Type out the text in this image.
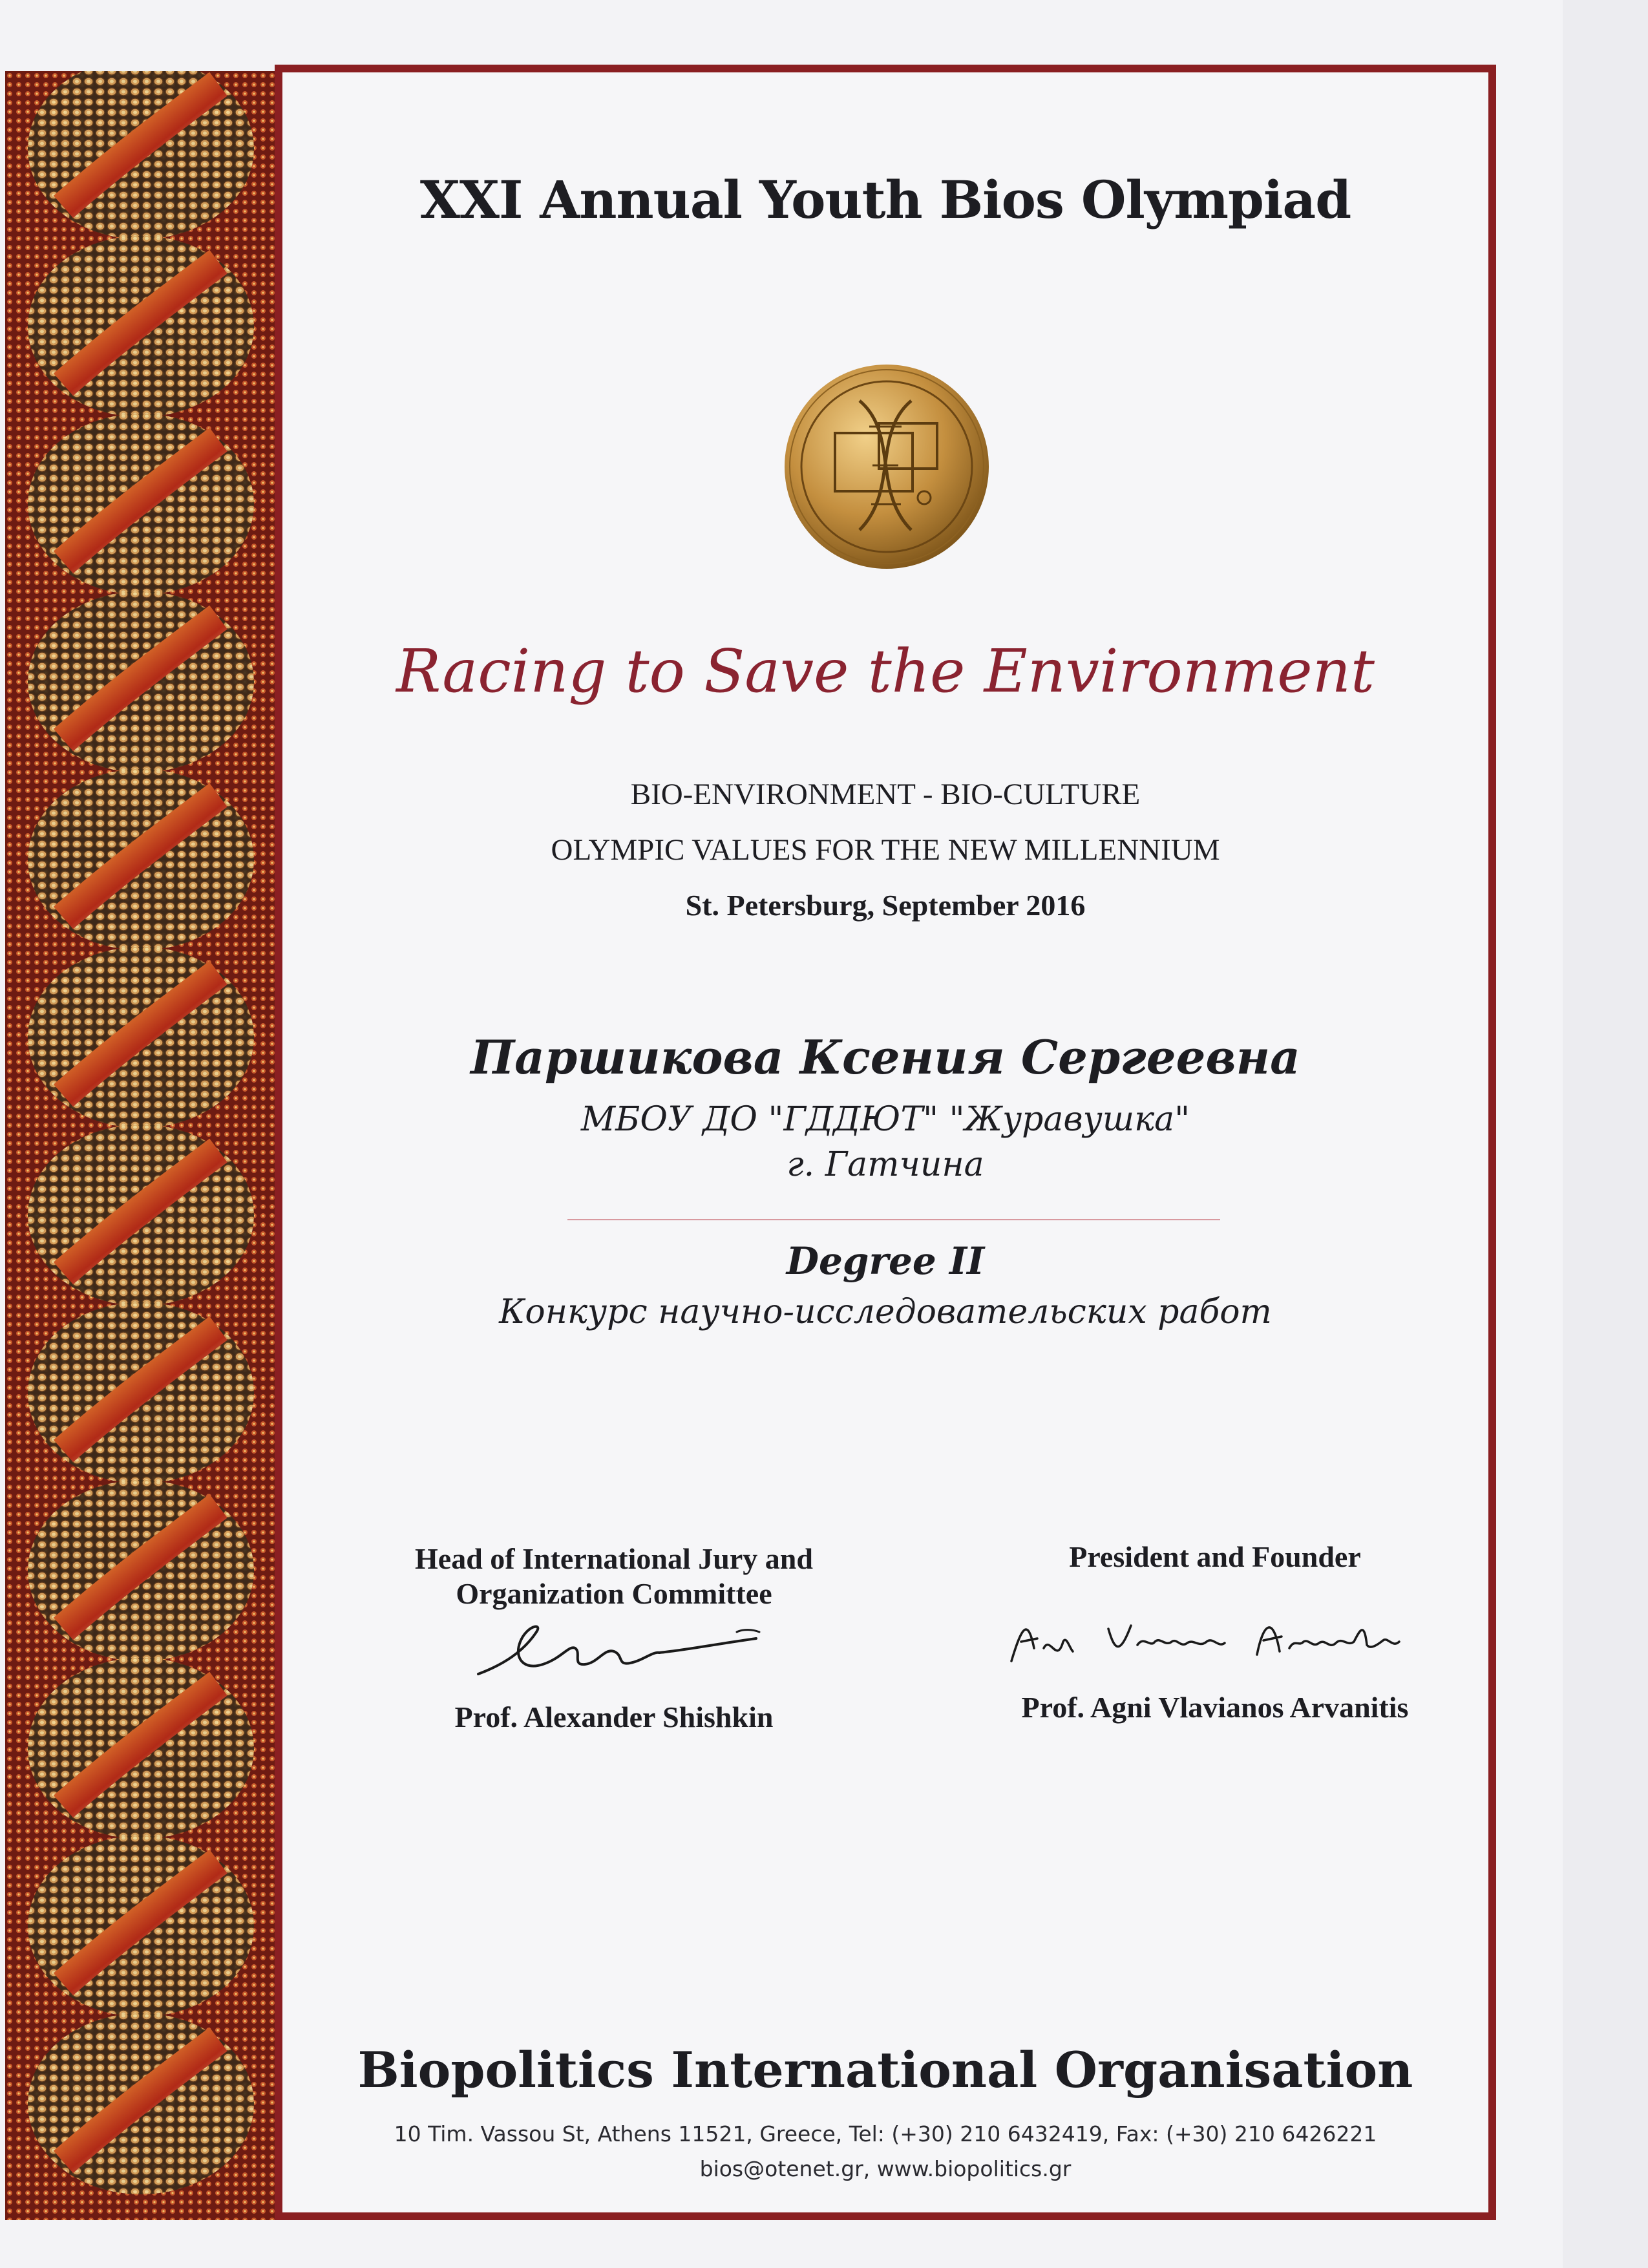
XXI Annual Youth Bios Olympiad
Racing to Save the Environment
BIO-ENVIRONMENT - BIO-CULTURE
OLYMPIC VALUES FOR THE NEW MILLENNIUM
St. Petersburg, September 2016
Паршикова Ксения Сергеевна
МБОУ ДО "ГДДЮТ" "Журавушка"
г. Гатчина
Degree II
Конкурс научно-исследовательских работ
Head of International Jury and
Organization Committee
Prof. Alexander Shishkin
President and Founder
Prof. Agni Vlavianos Arvanitis
Biopolitics International Organisation
10 Tim. Vassou St, Athens 11521, Greece, Tel: (+30) 210 6432419, Fax: (+30) 210 6426221
bios@otenet.gr, www.biopolitics.gr
